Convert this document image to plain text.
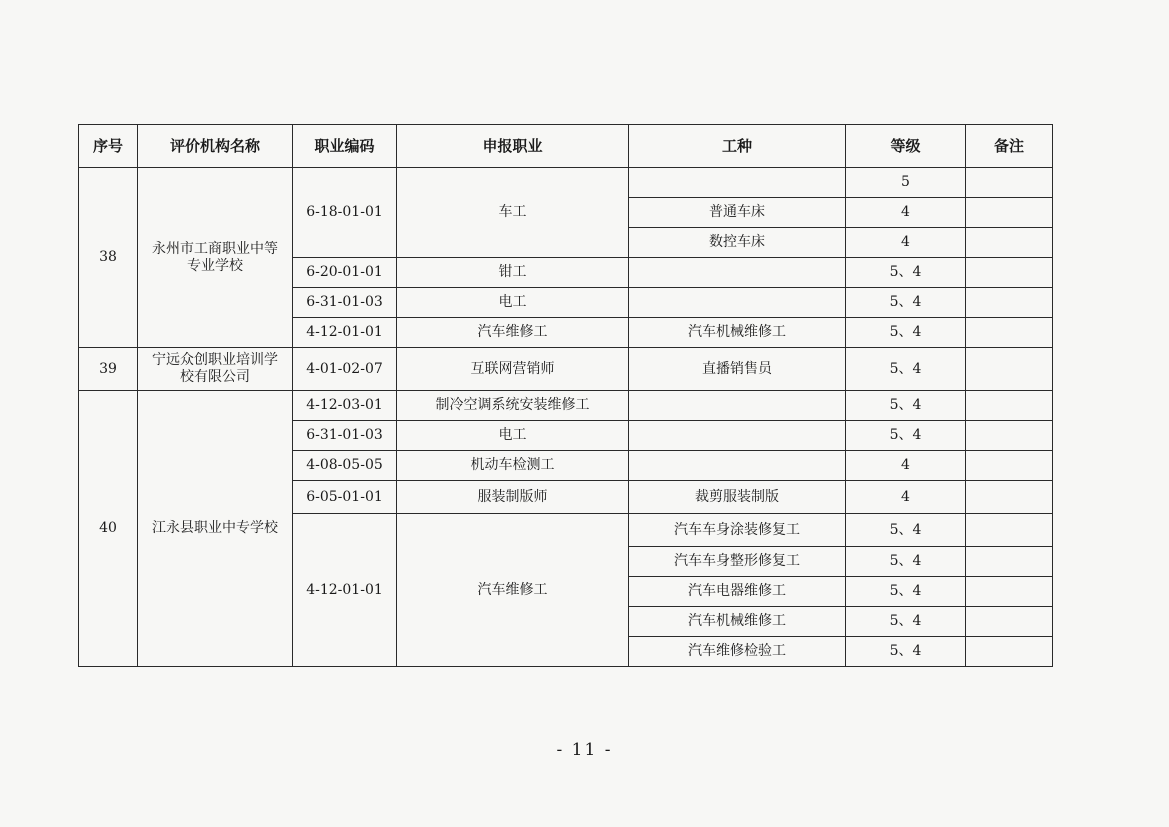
序号	评价机构名称	职业编码	申报职业	工种	等级	备注
38	永州市工商职业中等专业学校	6-18-01-01	车工		5	
				普通车床	4	
				数控车床	4	
		6-20-01-01	钳工		5、4	
		6-31-01-03	电工		5、4	
		4-12-01-01	汽车维修工	汽车机械维修工	5、4	
39	宁远众创职业培训学校有限公司	4-01-02-07	互联网营销师	直播销售员	5、4	
40	江永县职业中专学校	4-12-03-01	制冷空调系统安装维修工		5、4	
		6-31-01-03	电工		5、4	
		4-08-05-05	机动车检测工		4	
		6-05-01-01	服装制版师	裁剪服装制版	4	
		4-12-01-01	汽车维修工	汽车车身涂装修复工	5、4	
				汽车车身整形修复工	5、4	
				汽车电器维修工	5、4	
				汽车机械维修工	5、4	
				汽车维修检验工	5、4	
- 11 -
